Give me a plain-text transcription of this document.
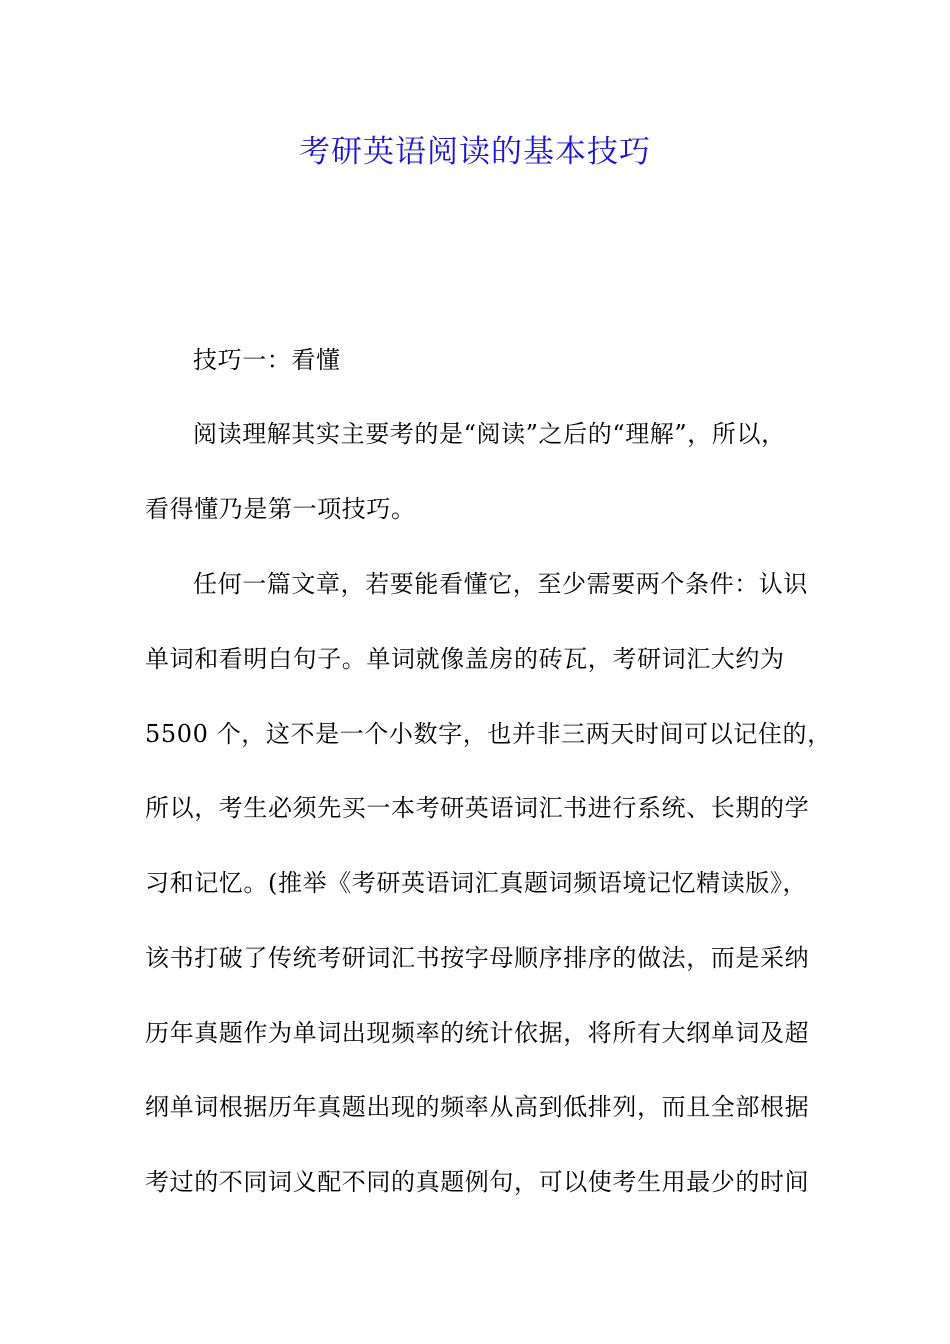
考研英语阅读的基本技巧
技巧一：看懂
阅读理解其实主要考的是“阅读”之后的“理解”，所以，
看得懂乃是第一项技巧。
任何一篇文章，若要能看懂它，至少需要两个条件：认识
单词和看明白句子。单词就像盖房的砖瓦，考研词汇大约为
5500 个，这不是一个小数字，也并非三两天时间可以记住的，
所以，考生必须先买一本考研英语词汇书进行系统、长期的学
习和记忆。(推举《考研英语词汇真题词频语境记忆精读版》，
该书打破了传统考研词汇书按字母顺序排序的做法，而是采纳
历年真题作为单词出现频率的统计依据，将所有大纲单词及超
纲单词根据历年真题出现的频率从高到低排列，而且全部根据
考过的不同词义配不同的真题例句，可以使考生用最少的时间
